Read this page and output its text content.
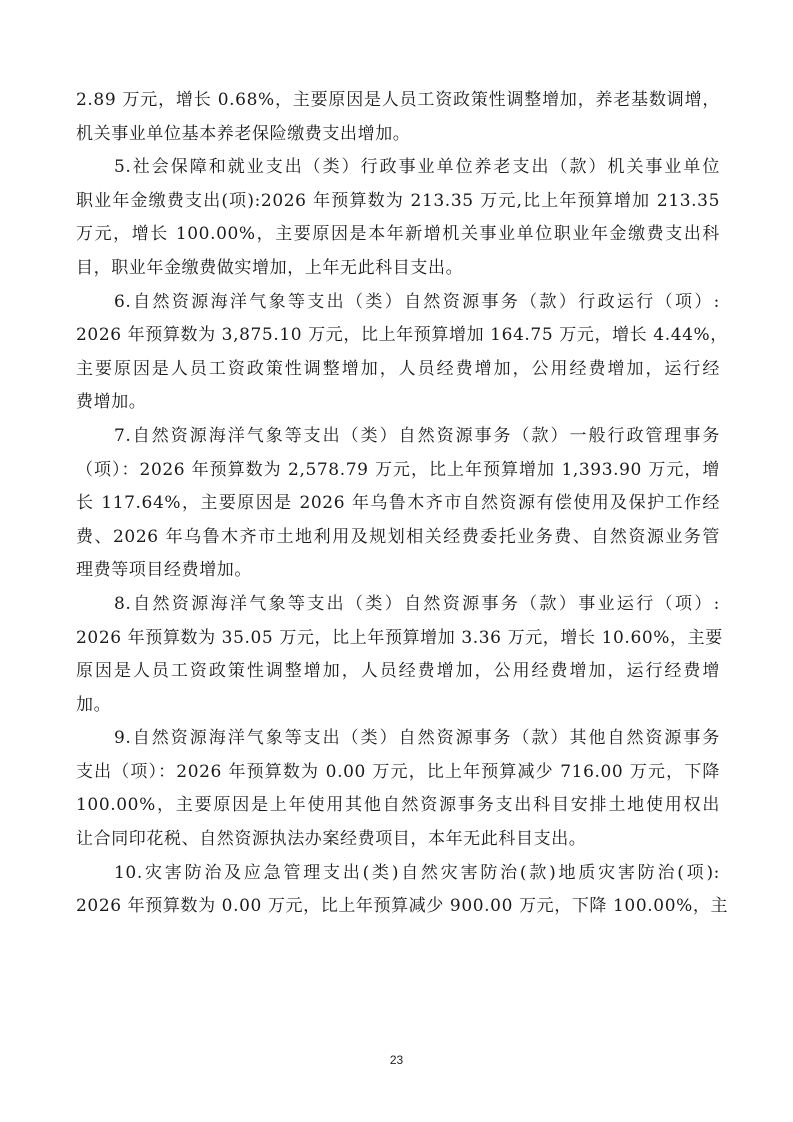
2.89 万元，增长 0.68%，主要原因是人员工资政策性调整增加，养老基数调增，
机关事业单位基本养老保险缴费支出增加。
5.社会保障和就业支出（类）行政事业单位养老支出（款）机关事业单位
职业年金缴费支出(项):2026 年预算数为 213.35 万元,比上年预算增加 213.35
万元，增长 100.00%，主要原因是本年新增机关事业单位职业年金缴费支出科
目，职业年金缴费做实增加，上年无此科目支出。
6.自然资源海洋气象等支出（类）自然资源事务（款）行政运行（项）:
2026 年预算数为 3,875.10 万元，比上年预算增加 164.75 万元，增长 4.44%，
主要原因是人员工资政策性调整增加，人员经费增加，公用经费增加，运行经
费增加。
7.自然资源海洋气象等支出（类）自然资源事务（款）一般行政管理事务
（项）：2026 年预算数为 2,578.79 万元，比上年预算增加 1,393.90 万元，增
长 117.64%，主要原因是 2026 年乌鲁木齐市自然资源有偿使用及保护工作经
费、2026 年乌鲁木齐市土地利用及规划相关经费委托业务费、自然资源业务管
理费等项目经费增加。
8.自然资源海洋气象等支出（类）自然资源事务（款）事业运行（项）:
2026 年预算数为 35.05 万元，比上年预算增加 3.36 万元，增长 10.60%，主要
原因是人员工资政策性调整增加，人员经费增加，公用经费增加，运行经费增
加。
9.自然资源海洋气象等支出（类）自然资源事务（款）其他自然资源事务
支出（项）：2026 年预算数为 0.00 万元，比上年预算减少 716.00 万元，下降
100.00%，主要原因是上年使用其他自然资源事务支出科目安排土地使用权出
让合同印花税、自然资源执法办案经费项目，本年无此科目支出。
10.灾害防治及应急管理支出(类)自然灾害防治(款)地质灾害防治(项):
2026 年预算数为 0.00 万元，比上年预算减少 900.00 万元，下降 100.00%，主
23
